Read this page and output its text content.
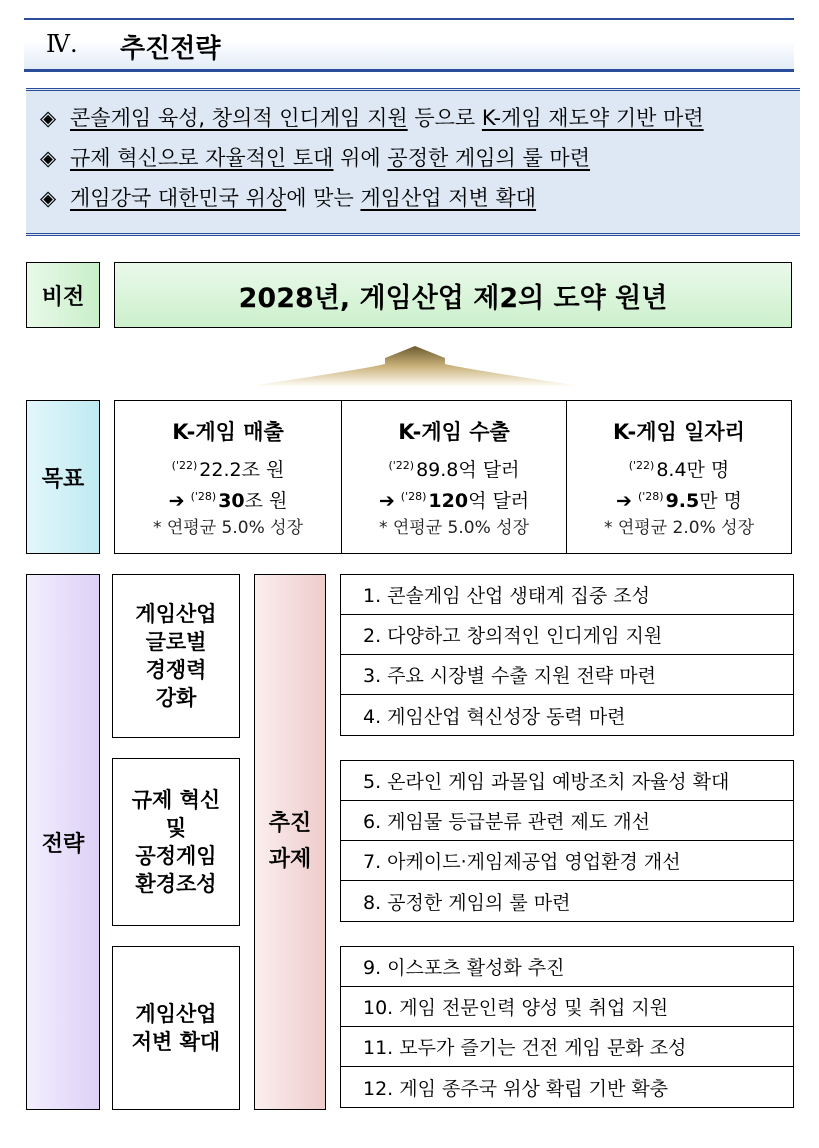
Ⅳ. 추진전략
◈ 콘솔게임 육성, 창의적 인디게임 지원 등으로 K-게임 재도약 기반 마련
◈ 규제 혁신으로 자율적인 토대 위에 공정한 게임의 룰 마련
◈ 게임강국 대한민국 위상에 맞는 게임산업 저변 확대
비전	2028년, 게임산업 제2의 도약 원년
목표
K-게임 매출
$^{('22)}$ 22.2조 원
➔ $^{('28)}$ 30조 원
* 연평균 5.0% 성장
K-게임 수출
$^{('22)}$ 89.8억 달러
➔ $^{('28)}$ 120억 달러
* 연평균 5.0% 성장
K-게임 일자리
$^{('22)}$ 8.4만 명
➔ $^{('28)}$ 9.5만 명
* 연평균 2.0% 성장
전략
게임산업
글로벌
경쟁력
강화
규제 혁신
및
공정게임
환경조성
게임산업
저변 확대
추진
과제
1. 콘솔게임 산업 생태계 집중 조성
2. 다양하고 창의적인 인디게임 지원
3. 주요 시장별 수출 지원 전략 마련
4. 게임산업 혁신성장 동력 마련
5. 온라인 게임 과몰입 예방조치 자율성 확대
6. 게임물 등급분류 관련 제도 개선
7. 아케이드·게임제공업 영업환경 개선
8. 공정한 게임의 룰 마련
9. 이스포츠 활성화 추진
10. 게임 전문인력 양성 및 취업 지원
11. 모두가 즐기는 건전 게임 문화 조성
12. 게임 종주국 위상 확립 기반 확충
